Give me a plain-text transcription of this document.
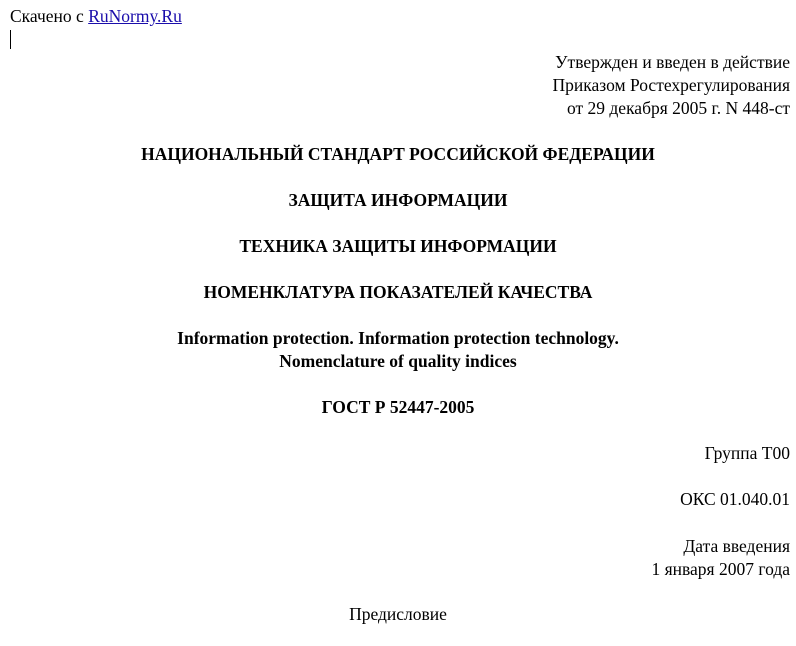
Скачено с RuNormy.Ru
Утвержден и введен в действие
Приказом Ростехрегулирования
от 29 декабря 2005 г. N 448-ст
НАЦИОНАЛЬНЫЙ СТАНДАРТ РОССИЙСКОЙ ФЕДЕРАЦИИ
ЗАЩИТА ИНФОРМАЦИИ
ТЕХНИКА ЗАЩИТЫ ИНФОРМАЦИИ
НОМЕНКЛАТУРА ПОКАЗАТЕЛЕЙ КАЧЕСТВА
Information protection. Information protection technology.
Nomenclature of quality indices
ГОСТ Р 52447-2005
Группа Т00
ОКС 01.040.01
Дата введения
1 января 2007 года
Предисловие
